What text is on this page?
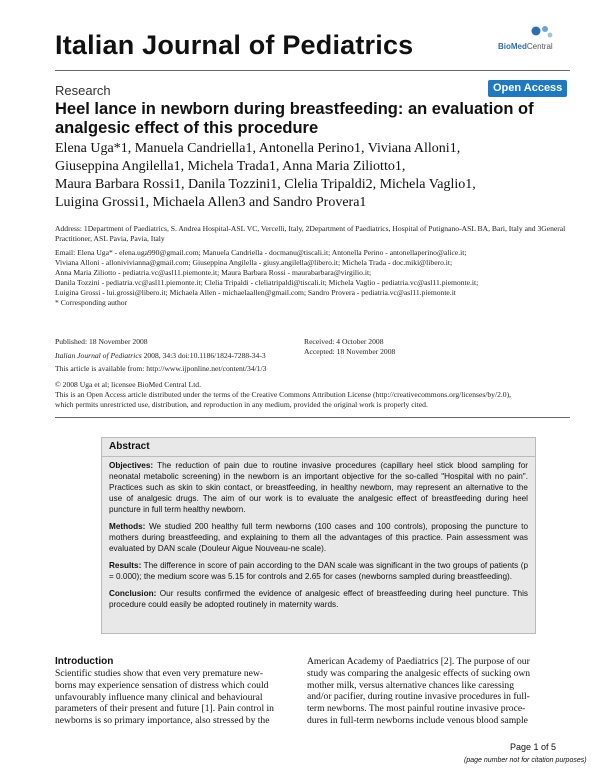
Italian Journal of Pediatrics	BioMedCentral
Research	Open Access
Heel lance in newborn during breastfeeding: an evaluation of analgesic effect of this procedure
Elena Uga*1, Manuela Candriella1, Antonella Perino1, Viviana Alloni1,
Giuseppina Angilella1, Michela Trada1, Anna Maria Ziliotto1,
Maura Barbara Rossi1, Danila Tozzini1, Clelia Tripaldi2, Michela Vaglio1,
Luigina Grossi1, Michaela Allen3 and Sandro Provera1
Address: 1Department of Paediatrics, S. Andrea Hospital-ASL VC, Vercelli, Italy, 2Department of Paediatrics, Hospital of Putignano-ASL BA, Bari, Italy and 3General Practitioner, ASL Pavia, Pavia, Italy
Email: Elena Uga* - elena.uga990@gmail.com; Manuela Candriella - docmanu@tiscali.it; Antonella Perino - antonellaperino@alice.it;
Viviana Alloni - allonivivianna@gmail.com; Giuseppina Angilella - giusy.angilella@libero.it; Michela Trada - doc.miki@libero.it;
Anna Maria Ziliotto - pediatria.vc@asl11.piemonte.it; Maura Barbara Rossi - maurabarbara@virgilio.it;
Danila Tozzini - pediatria.vc@asl11.piemonte.it; Clelia Tripaldi - cleliatripaldi@tiscali.it; Michela Vaglio - pediatria.vc@asl11.piemonte.it;
Luigina Grossi - lui.grossi@libero.it; Michaela Allen - michaelaallen@gmail.com; Sandro Provera - pediatria.vc@asl11.piemonte.it
* Corresponding author
Published: 18 November 2008	Received: 4 October 2008
Italian Journal of Pediatrics 2008, 34:3 doi:10.1186/1824-7288-34-3	Accepted: 18 November 2008
This article is available from: http://www.ijponline.net/content/34/1/3
© 2008 Uga et al; licensee BioMed Central Ltd.
This is an Open Access article distributed under the terms of the Creative Commons Attribution License (http://creativecommons.org/licenses/by/2.0),
which permits unrestricted use, distribution, and reproduction in any medium, provided the original work is properly cited.
Abstract

Objectives: The reduction of pain due to routine invasive procedures (capillary heel stick blood sampling for neonatal metabolic screening) in the newborn is an important objective for the so-called "Hospital with no pain". Practices such as skin to skin contact, or breastfeeding, in healthy newborn, may represent an alternative to the use of analgesic drugs. The aim of our work is to evaluate the analgesic effect of breastfeeding during heel puncture in full term healthy newborn.

Methods: We studied 200 healthy full term newborns (100 cases and 100 controls), proposing the puncture to mothers during breastfeeding, and explaining to them all the advantages of this practice. Pain assessment was evaluated by DAN scale (Douleur Aigue Nouveau-ne scale).

Results: The difference in score of pain according to the DAN scale was significant in the two groups of patients (p = 0.000); the medium score was 5.15 for controls and 2.65 for cases (newborns sampled during breastfeeding).

Conclusion: Our results confirmed the evidence of analgesic effect of breastfeeding during heel puncture. This procedure could easily be adopted routinely in maternity wards.

Introduction
Scientific studies show that even very premature new-
borns may experience sensation of distress which could
unfavourably influence many clinical and behavioural
parameters of their present and future [1]. Pain control in
newborns is so primary importance, also stressed by the
American Academy of Paediatrics [2]. The purpose of our
study was comparing the analgesic effects of sucking own
mother milk, versus alternative chances like caressing
and/or pacifier, during routine invasive procedures in full-
term newborns. The most painful routine invasive proce-
dures in full-term newborns include venous blood sample
Page 1 of 5
(page number not for citation purposes)
